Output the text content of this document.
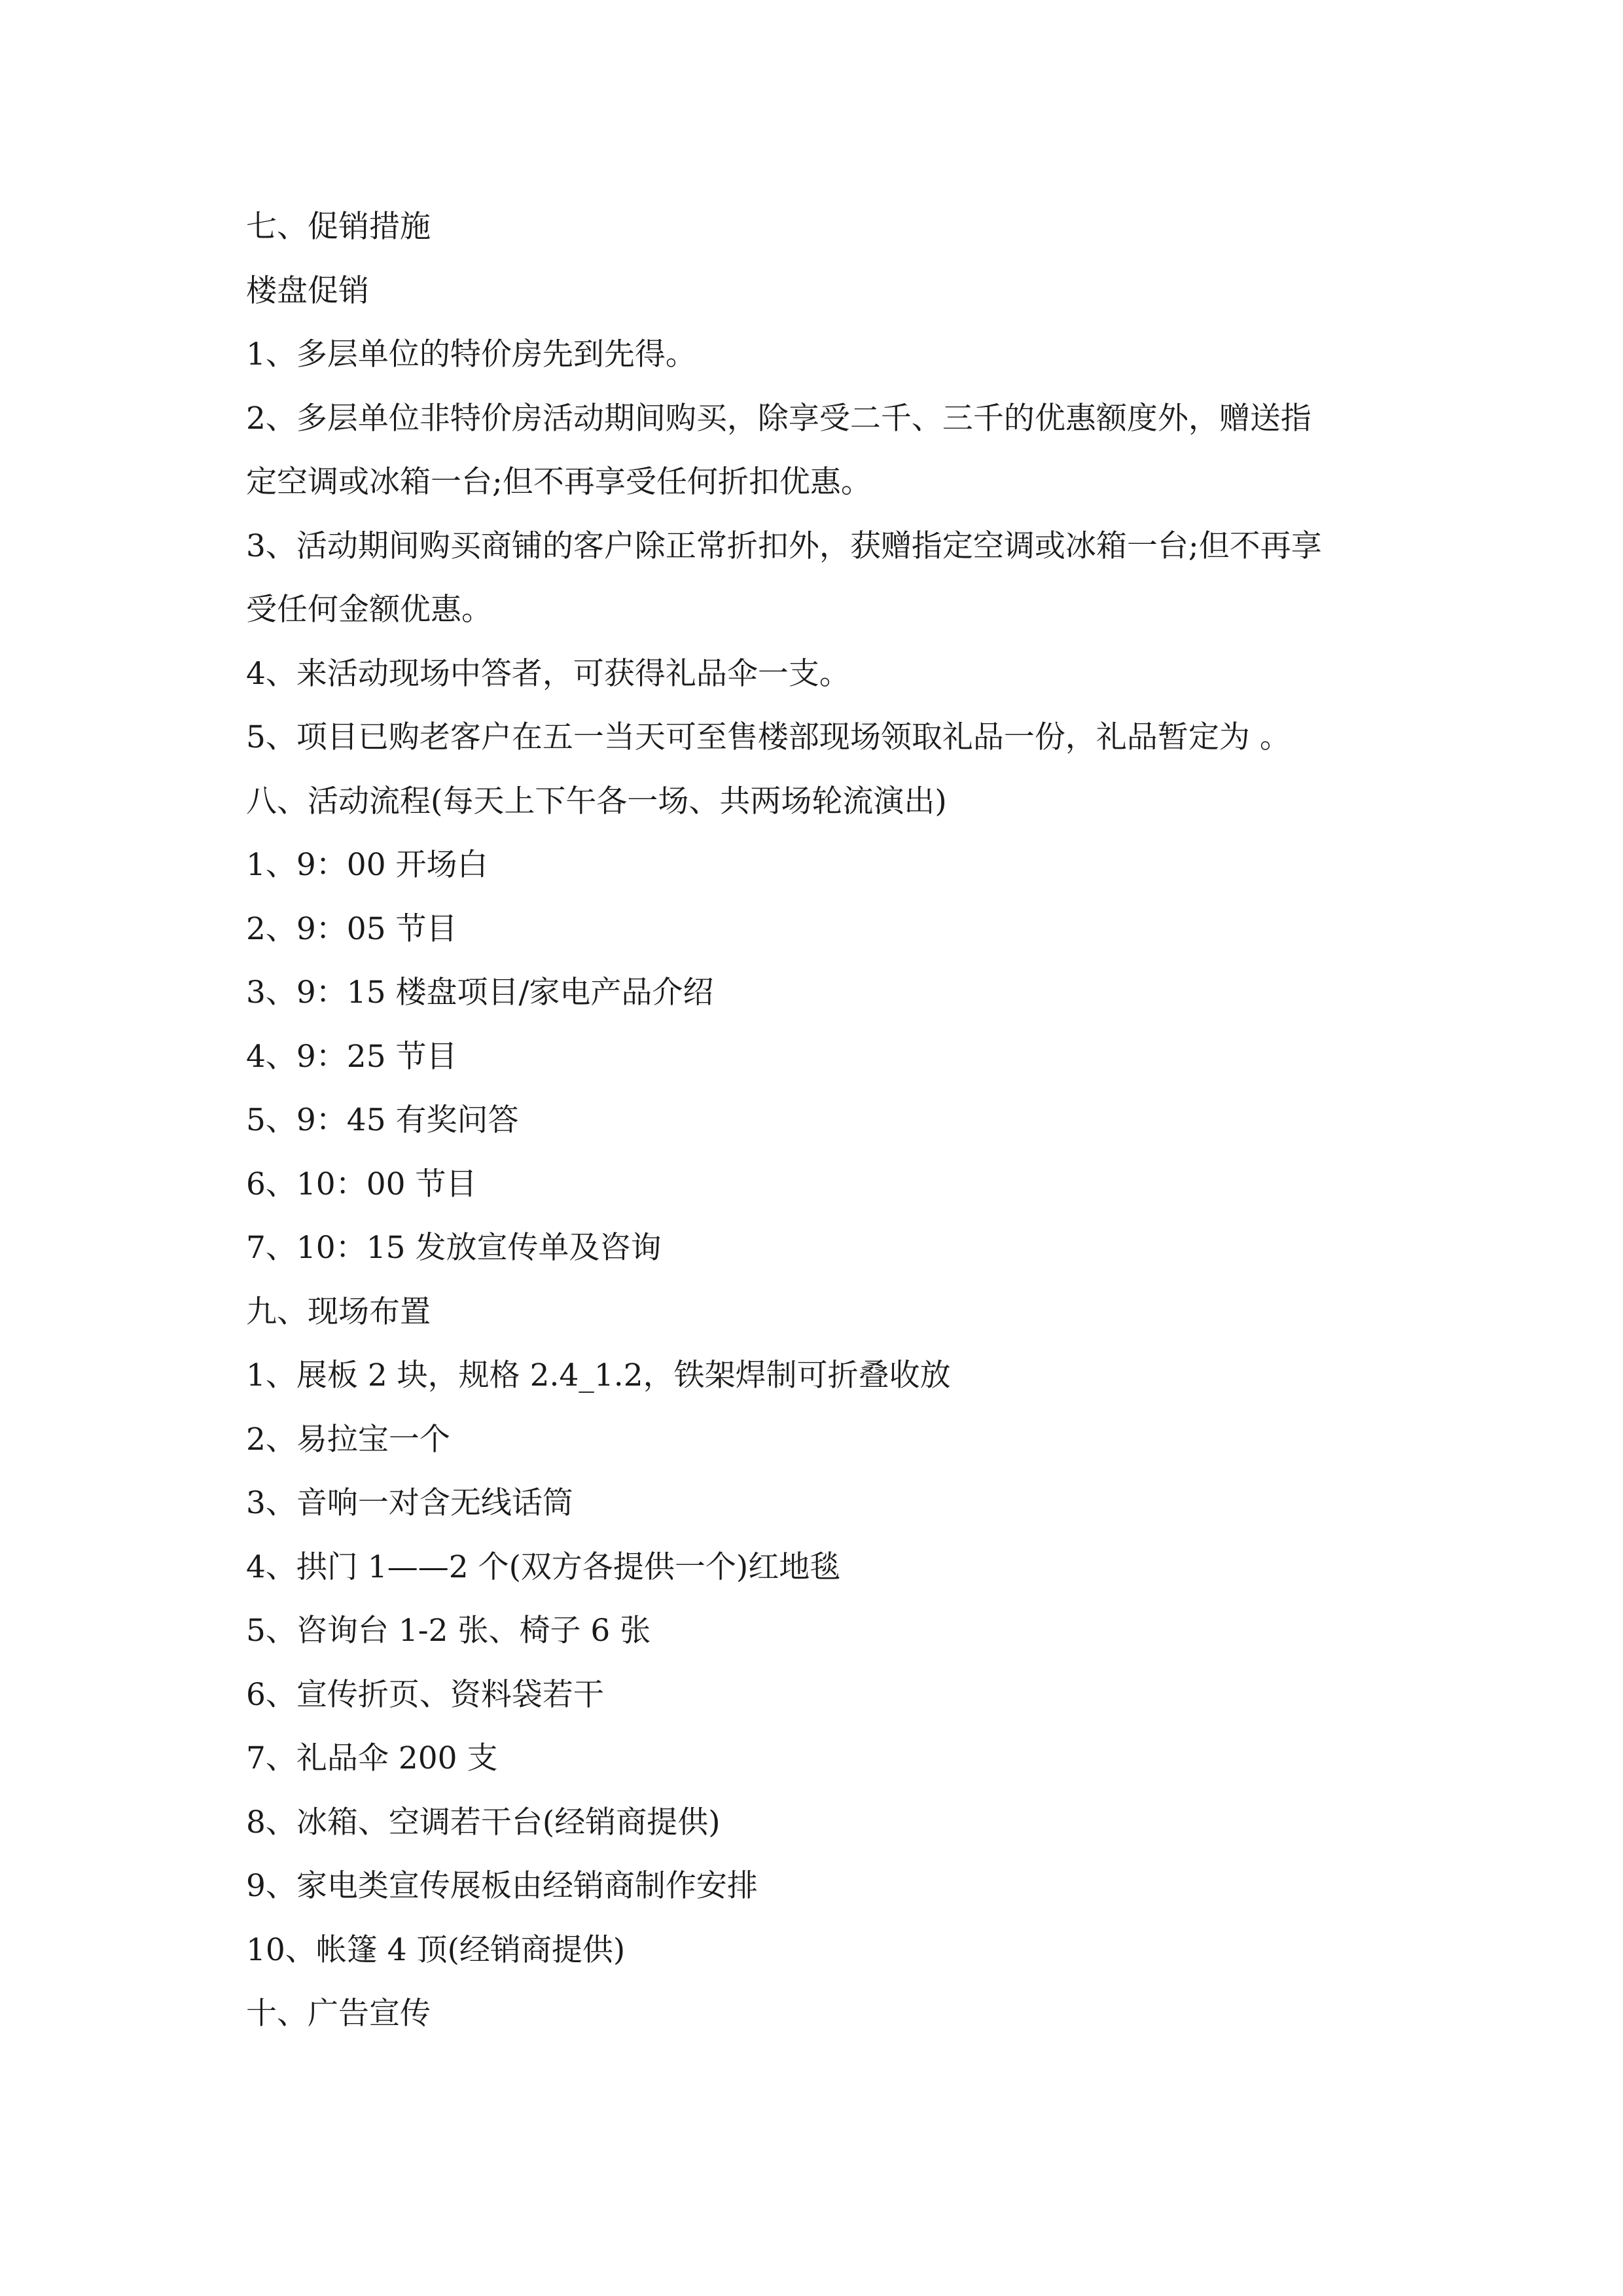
七、促销措施
楼盘促销
1、多层单位的特价房先到先得。
2、多层单位非特价房活动期间购买，除享受二千、三千的优惠额度外，赠送指
定空调或冰箱一台;但不再享受任何折扣优惠。
3、活动期间购买商铺的客户除正常折扣外，获赠指定空调或冰箱一台;但不再享
受任何金额优惠。
4、来活动现场中答者，可获得礼品伞一支。
5、项目已购老客户在五一当天可至售楼部现场领取礼品一份，礼品暂定为 。
八、活动流程(每天上下午各一场、共两场轮流演出)
1、9：00 开场白
2、9：05 节目
3、9：15 楼盘项目/家电产品介绍
4、9：25 节目
5、9：45 有奖问答
6、10：00 节目
7、10：15 发放宣传单及咨询
九、现场布置
1、展板 2 块，规格 2.4_1.2，铁架焊制可折叠收放
2、易拉宝一个
3、音响一对含无线话筒
4、拱门 1——2 个(双方各提供一个)红地毯
5、咨询台 1-2 张、椅子 6 张
6、宣传折页、资料袋若干
7、礼品伞 200 支
8、冰箱、空调若干台(经销商提供)
9、家电类宣传展板由经销商制作安排
10、帐篷 4 顶(经销商提供)
十、广告宣传
